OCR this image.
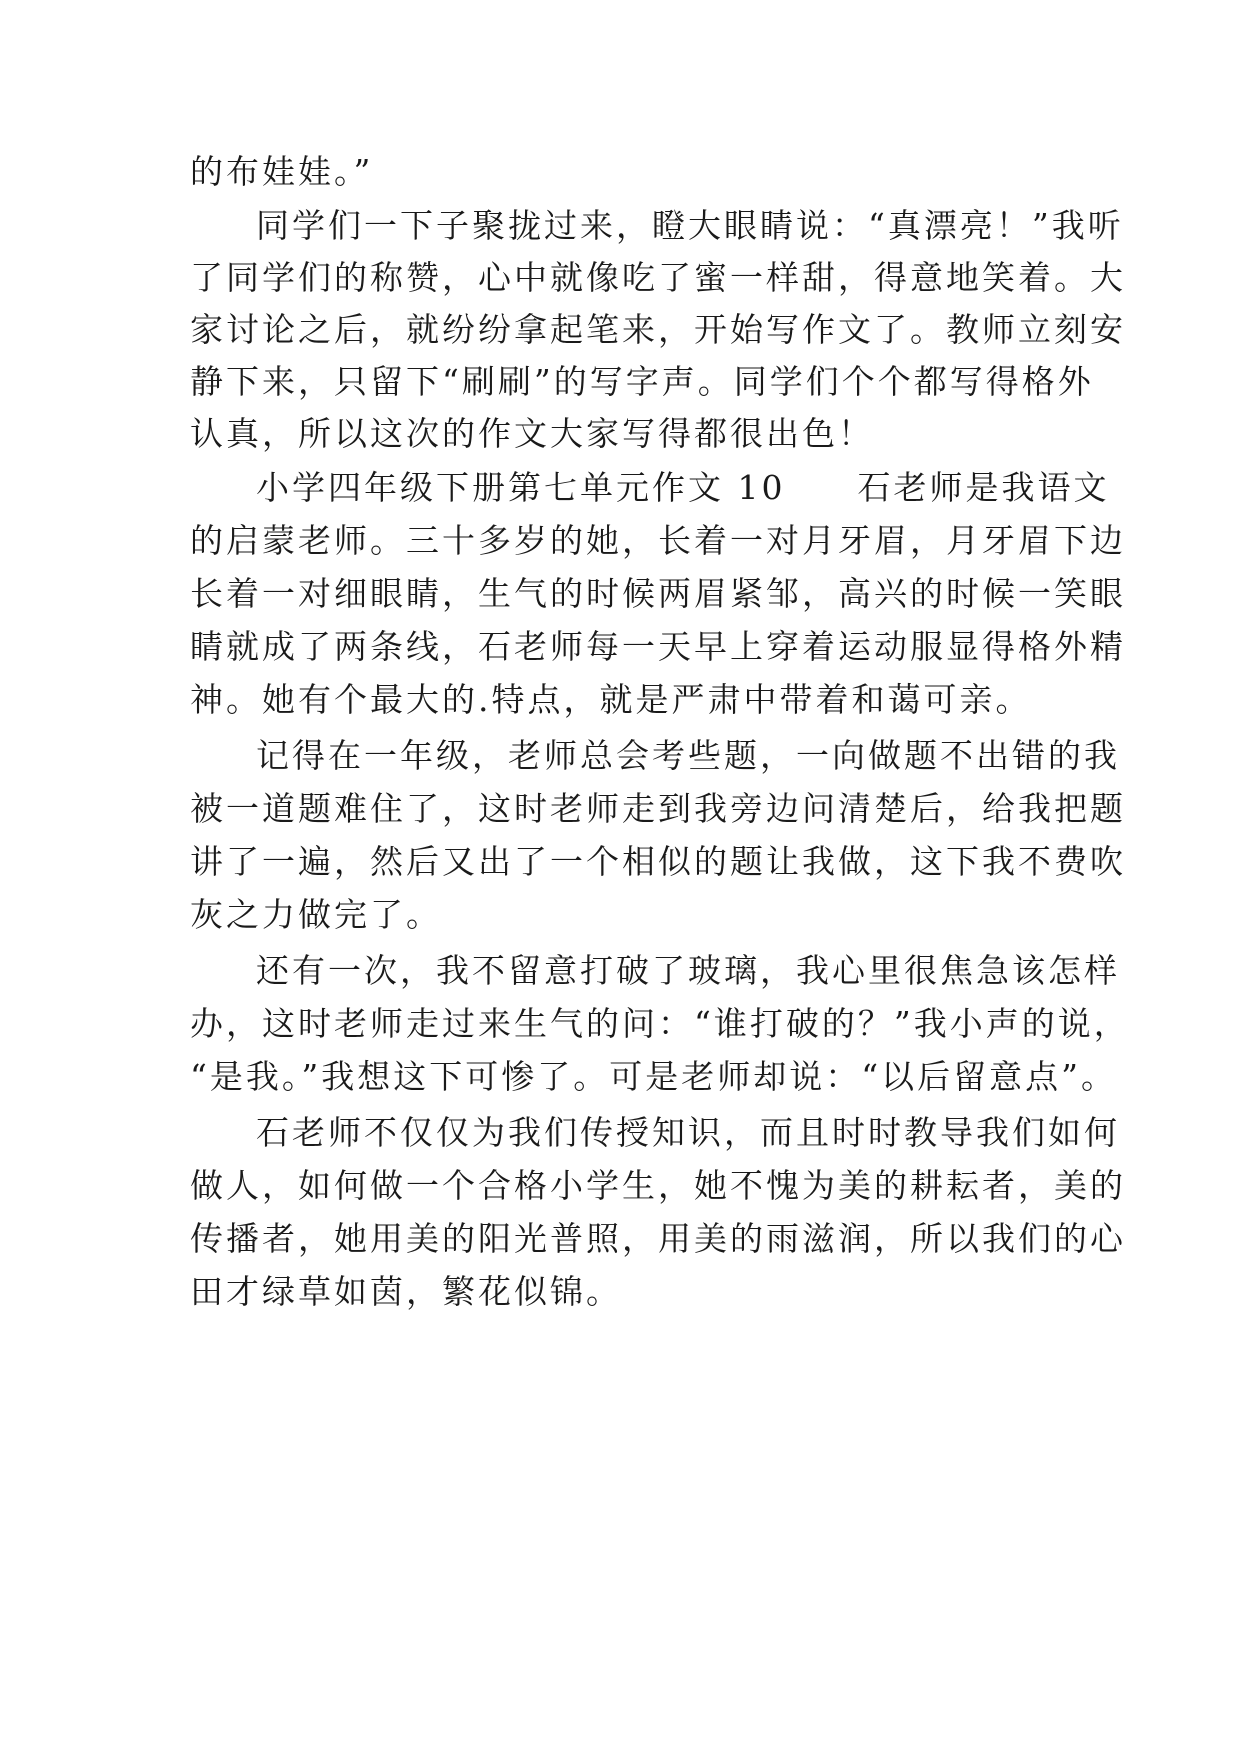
的布娃娃。”
同学们一下子聚拢过来，瞪大眼睛说：“真漂亮！”我听
了同学们的称赞，心中就像吃了蜜一样甜，得意地笑着。大
家讨论之后，就纷纷拿起笔来，开始写作文了。教师立刻安
静下来，只留下“刷刷”的写字声。同学们个个都写得格外
认真，所以这次的作文大家写得都很出色！
小学四年级下册第七单元作文 10　　石老师是我语文
的启蒙老师。三十多岁的她，长着一对月牙眉，月牙眉下边
长着一对细眼睛，生气的时候两眉紧邹，高兴的时候一笑眼
睛就成了两条线，石老师每一天早上穿着运动服显得格外精
神。她有个最大的.特点，就是严肃中带着和蔼可亲。
记得在一年级，老师总会考些题，一向做题不出错的我
被一道题难住了，这时老师走到我旁边问清楚后，给我把题
讲了一遍，然后又出了一个相似的题让我做，这下我不费吹
灰之力做完了。
还有一次，我不留意打破了玻璃，我心里很焦急该怎样
办，这时老师走过来生气的问：“谁打破的？”我小声的说，
“是我。”我想这下可惨了。可是老师却说：“以后留意点”。
石老师不仅仅为我们传授知识，而且时时教导我们如何
做人，如何做一个合格小学生，她不愧为美的耕耘者，美的
传播者，她用美的阳光普照，用美的雨滋润，所以我们的心
田才绿草如茵，繁花似锦。
